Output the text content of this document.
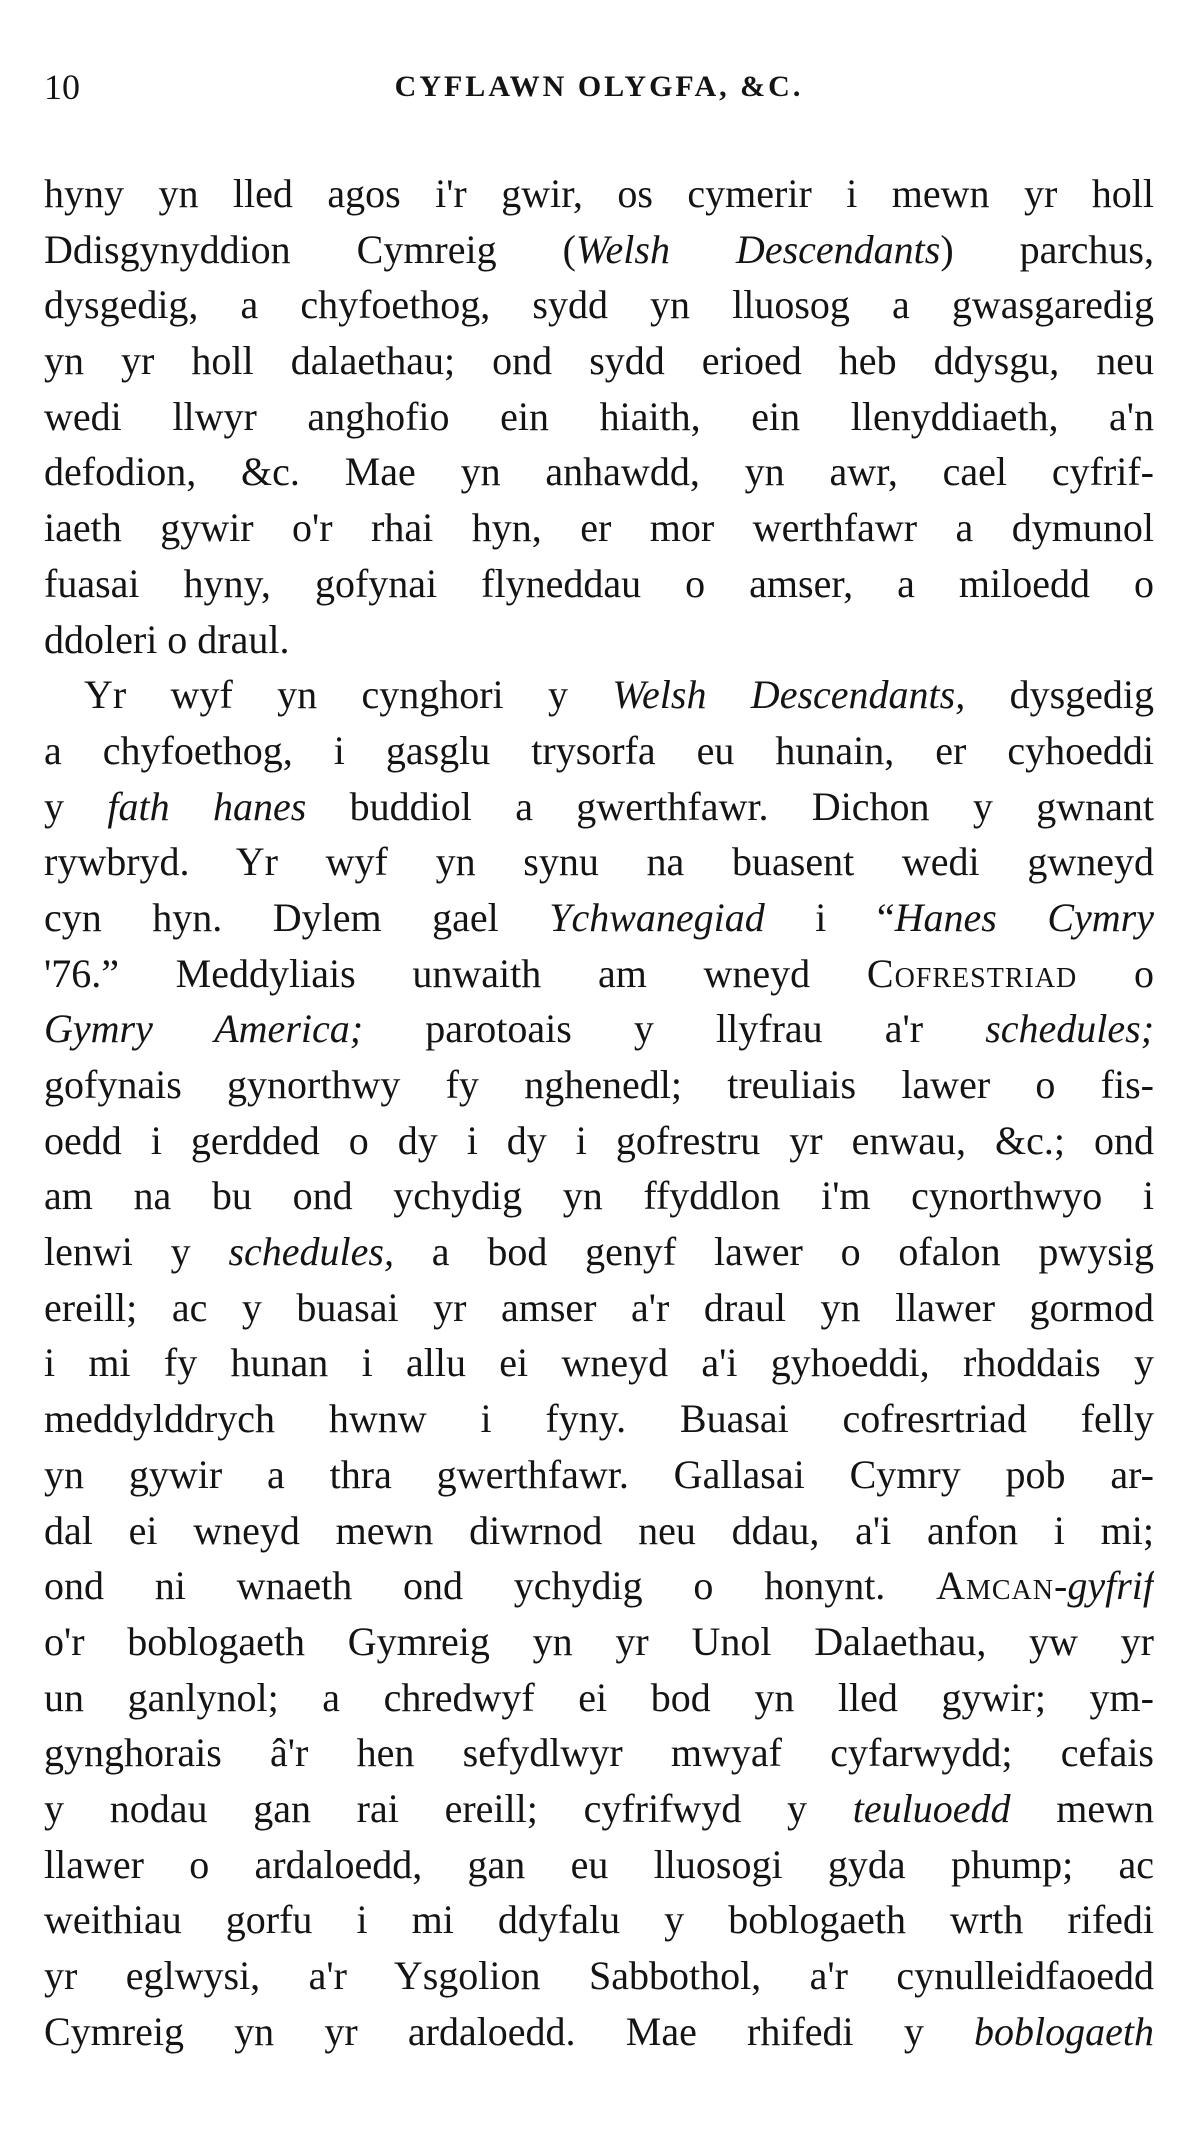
10	CYFLAWN OLYGFA, &C.
hyny yn lled agos i'r gwir, os cymerir i mewn yr holl
Ddisgynyddion Cymreig (Welsh Descendants) parchus,
dysgedig, a chyfoethog, sydd yn lluosog a gwasgaredig
yn yr holl dalaethau; ond sydd erioed heb ddysgu, neu
wedi llwyr anghofio ein hiaith, ein llenyddiaeth, a'n
defodion, &c. Mae yn anhawdd, yn awr, cael cyfrif-
iaeth gywir o'r rhai hyn, er mor werthfawr a dymunol
fuasai hyny, gofynai flyneddau o amser, a miloedd o
ddoleri o draul.
Yr wyf yn cynghori y Welsh Descendants, dysgedig
a chyfoethog, i gasglu trysorfa eu hunain, er cyhoeddi
y fath hanes buddiol a gwerthfawr. Dichon y gwnant
rywbryd. Yr wyf yn synu na buasent wedi gwneyd
cyn hyn. Dylem gael Ychwanegiad i “Hanes Cymry
'76.” Meddyliais unwaith am wneyd Cofrestriad o
Gymry America; parotoais y llyfrau a'r schedules;
gofynais gynorthwy fy nghenedl; treuliais lawer o fis-
oedd i gerdded o dy i dy i gofrestru yr enwau, &c.; ond
am na bu ond ychydig yn ffyddlon i'm cynorthwyo i
lenwi y schedules, a bod genyf lawer o ofalon pwysig
ereill; ac y buasai yr amser a'r draul yn llawer gormod
i mi fy hunan i allu ei wneyd a'i gyhoeddi, rhoddais y
meddylddrych hwnw i fyny. Buasai cofresrtriad felly
yn gywir a thra gwerthfawr. Gallasai Cymry pob ar-
dal ei wneyd mewn diwrnod neu ddau, a'i anfon i mi;
ond ni wnaeth ond ychydig o honynt. Amcan-gyfrif
o'r boblogaeth Gymreig yn yr Unol Dalaethau, yw yr
un ganlynol; a chredwyf ei bod yn lled gywir; ym-
gynghorais â'r hen sefydlwyr mwyaf cyfarwydd; cefais
y nodau gan rai ereill; cyfrifwyd y teuluoedd mewn
llawer o ardaloedd, gan eu lluosogi gyda phump; ac
weithiau gorfu i mi ddyfalu y boblogaeth wrth rifedi
yr eglwysi, a'r Ysgolion Sabbothol, a'r cynulleidfaoedd
Cymreig yn yr ardaloedd. Mae rhifedi y boblogaeth
